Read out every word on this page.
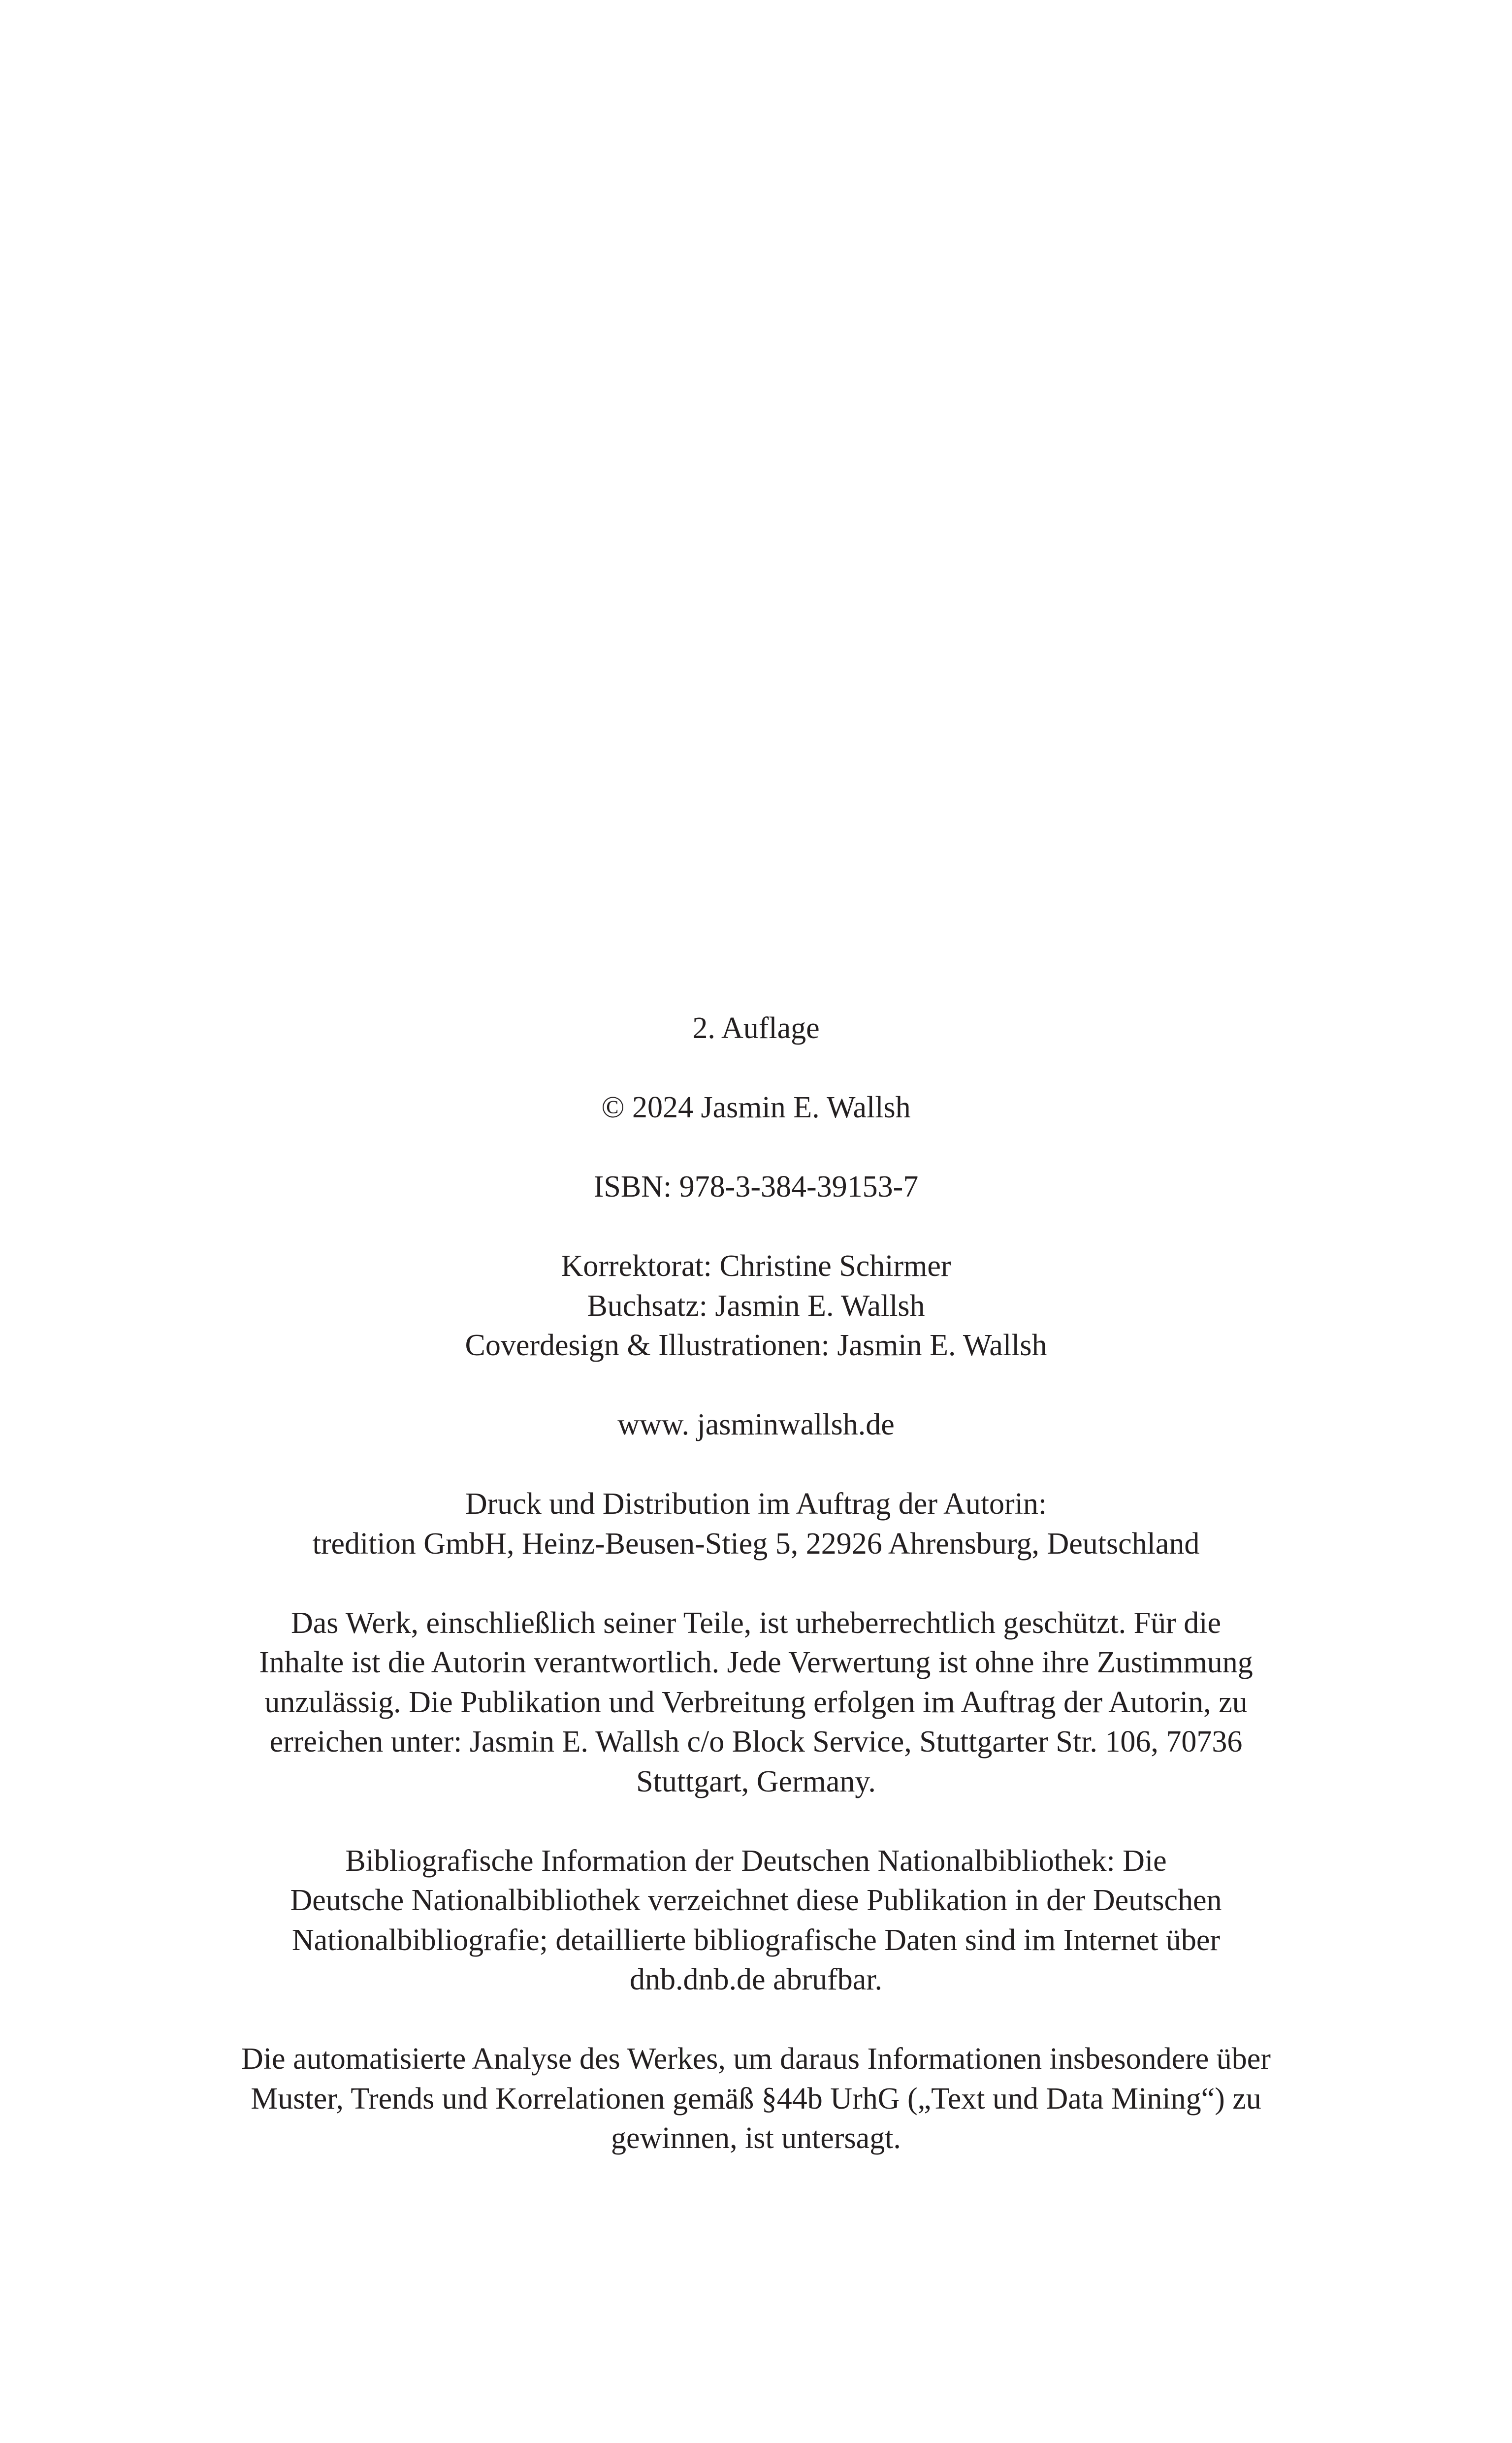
2. Auflage
© 2024 Jasmin E. Wallsh
ISBN: 978-3-384-39153-7
Korrektorat: Christine Schirmer
Buchsatz: Jasmin E. Wallsh
Coverdesign & Illustrationen: Jasmin E. Wallsh
www. jasminwallsh.de
Druck und Distribution im Auftrag der Autorin:
tredition GmbH, Heinz-Beusen-Stieg 5, 22926 Ahrensburg, Deutschland
Das Werk, einschließlich seiner Teile, ist urheberrechtlich geschützt. Für die
Inhalte ist die Autorin verantwortlich. Jede Verwertung ist ohne ihre Zustimmung
unzulässig. Die Publikation und Verbreitung erfolgen im Auftrag der Autorin, zu
erreichen unter: Jasmin E. Wallsh c/o Block Service, Stuttgarter Str. 106, 70736
Stuttgart, Germany.
Bibliografische Information der Deutschen Nationalbibliothek: Die
Deutsche Nationalbibliothek verzeichnet diese Publikation in der Deutschen
Nationalbibliografie; detaillierte bibliografische Daten sind im Internet über
dnb.dnb.de abrufbar.
Die automatisierte Analyse des Werkes, um daraus Informationen insbesondere über
Muster, Trends und Korrelationen gemäß §44b UrhG („Text und Data Mining“) zu
gewinnen, ist untersagt.
